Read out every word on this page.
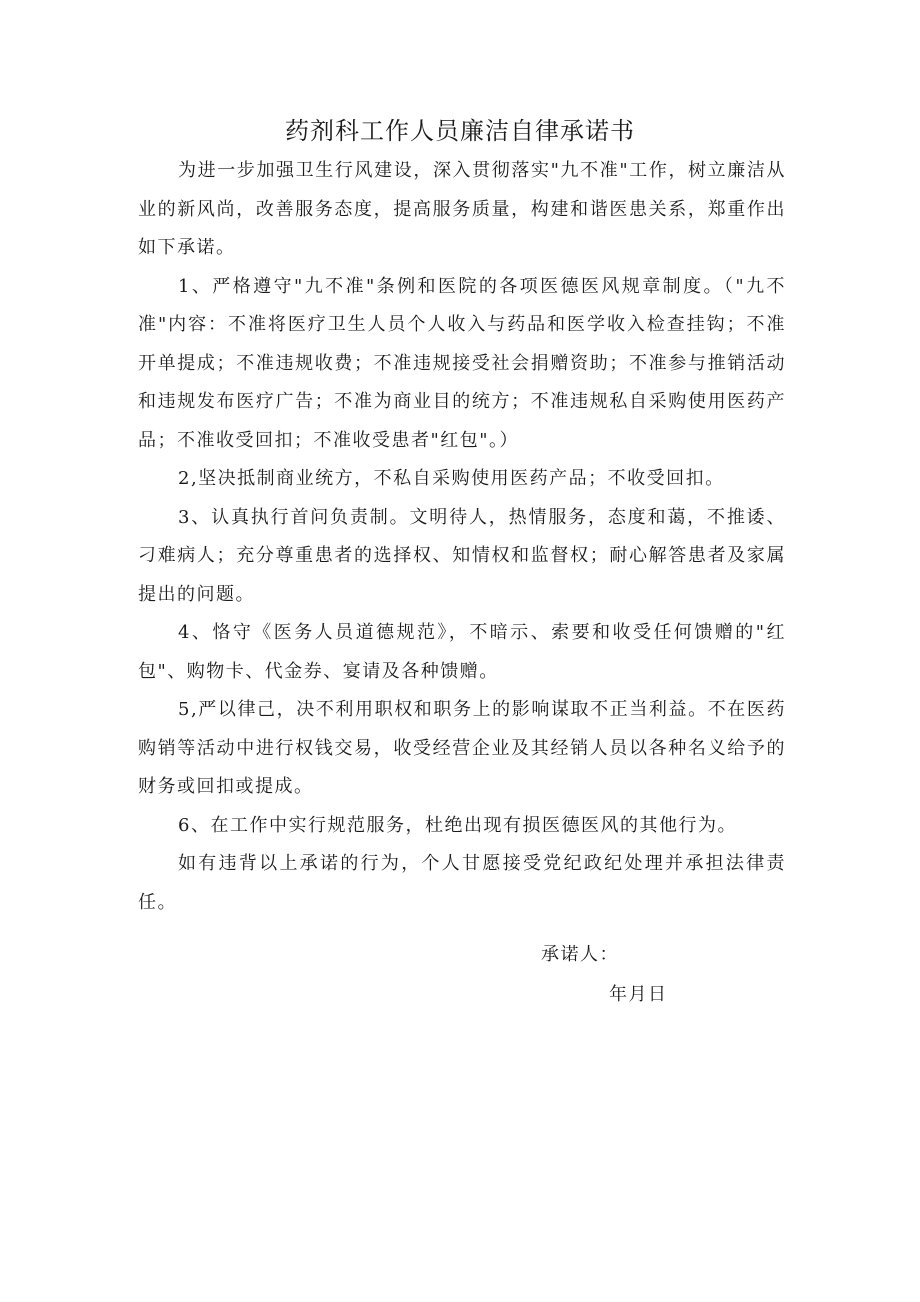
药剂科工作人员廉洁自律承诺书

为进一步加强卫生行风建设，深入贯彻落实"九不准"工作，树立廉洁从业的新风尚，改善服务态度，提高服务质量，构建和谐医患关系，郑重作出如下承诺。

1、严格遵守"九不准"条例和医院的各项医德医风规章制度。（"九不准"内容：不准将医疗卫生人员个人收入与药品和医学收入检查挂钩；不准开单提成；不准违规收费；不准违规接受社会捐赠资助；不准参与推销活动和违规发布医疗广告；不准为商业目的统方；不准违规私自采购使用医药产品；不准收受回扣；不准收受患者"红包"。）

2,坚决抵制商业统方，不私自采购使用医药产品；不收受回扣。

3、认真执行首问负责制。文明待人，热情服务，态度和蔼，不推诿、刁难病人；充分尊重患者的选择权、知情权和监督权；耐心解答患者及家属提出的问题。

4、恪守《医务人员道德规范》，不暗示、索要和收受任何馈赠的"红包"、购物卡、代金券、宴请及各种馈赠。

5,严以律己，决不利用职权和职务上的影响谋取不正当利益。不在医药购销等活动中进行权钱交易，收受经营企业及其经销人员以各种名义给予的财务或回扣或提成。

6、在工作中实行规范服务，杜绝出现有损医德医风的其他行为。

如有违背以上承诺的行为，个人甘愿接受党纪政纪处理并承担法律责任。

承诺人：
年月日
